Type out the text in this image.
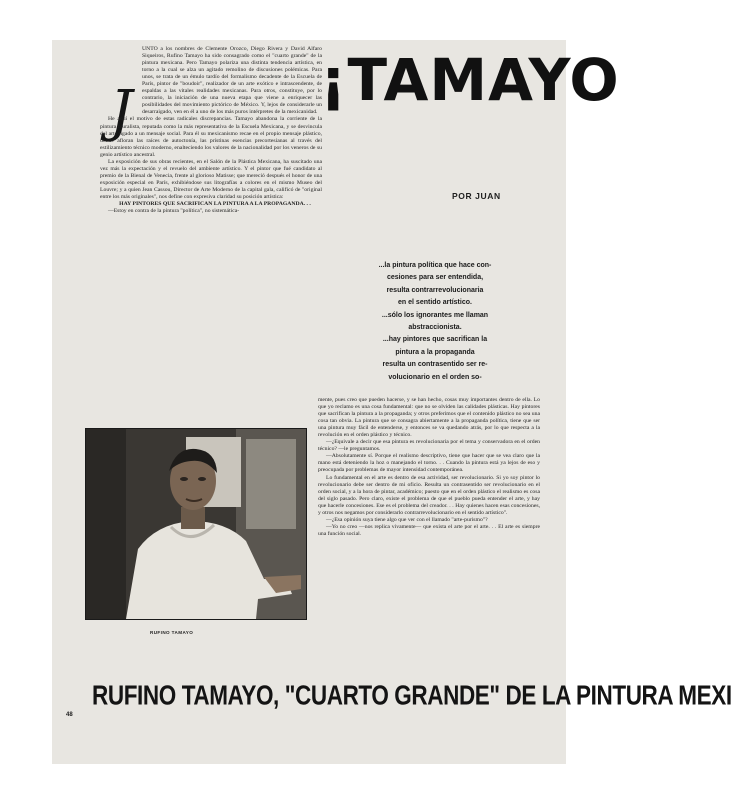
J

UNTO a los nombres de Clemente Orozco, Diego Rivera y David Alfaro Siqueiros, Rufino Tamayo ha sido consagrado como el "cuarto grande" de la pintura mexicana. Pero Tamayo polariza una distinta tendencia artística, en torno a la cual se alza un agitado remolino de discusiones polémicas. Para unos, se trata de un émulo tardío del formalismo decadente de la Escuela de París, pintor de "boudoir", realizador de un arte exótico e intrascendente, de espaldas a las vitales realidades mexicanas. Para otros, constituye, por lo contrario, la iniciación de una nueva etapa que viene a enriquecer las posibilidades del movimiento pictórico de México. Y, lejos de considerarle un desarraigado, ven en él a uno de los más puros intérpretes de la mexicanidad.

He aquí el motivo de estas radicales discrepancias. Tamayo abandona la corriente de la pintura muralista, reputada como la más representativa de la Escuela Mexicana, y se desvincula del arte ligado a un mensaje social. Para él su mexicanismo recae en el propio mensaje plástico, donde afloran las raíces de autoctonía, las prístinas esencias precortesianas al través del estilizamiento técnico moderno, enalteciendo los valores de la nacionalidad por los veneros de su genio artístico ancestral.

La exposición de sus obras recientes, en el Salón de la Plástica Mexicana, ha suscitado una vez más la expectación y el revuelo del ambiente artístico. Y el pintor que fué candidato al premio de la Bienal de Venecia, frente al glorioso Matisse; que mereció después el honor de una exposición especial en París, exhibiéndose sus litografías a colores en el mismo Museo del Louvre; y a quien Jean Cassou, Director de Arte Moderno de la capital gala, calificó de "original entre los más originales", nos define con expresiva claridad su posición artística:

HAY PINTORES QUE SACRIFICAN LA PINTURA A LA PROPAGANDA. . .

—Estoy en contra de la pintura "política", no sistemática-

¡TAMAYO
POR JUAN
...la pintura política que hace con-
cesiones para ser entendida,
resulta contrarrevolucionaria
en el sentido artístico.
...sólo los ignorantes me llaman
abstraccionista.
...hay pintores que sacrifican la
pintura a la propaganda
resulta un contrasentido ser re-
volucionario en el orden so-
RUFINO TAMAYO

mente, pues creo que pueden hacerse, y se han hecho, cosas muy importantes dentro de ella. Lo que yo reclamo es una cosa fundamental: que no se olviden las calidades plásticas. Hay pintores que sacrifican la pintura a la propaganda; y otros preferimos que el contenido plástico no sea una cosa tan obvia. La pintura que se consagra abiertamente a la propaganda política, tiene que ser una pintura muy fácil de entenderse, y entonces se va quedando atrás, por lo que respecta a la revolución en el orden plástico y técnico.

—¿Equivale a decir que esa pintura es revolucionaria por el tema y conservadora en el orden técnico? —le preguntamos.

—Absolutamente sí. Porque el realismo descriptivo, tiene que hacer que se vea claro que la mano está deteniendo la hoz o manejando el torno. . . Cuando la pintura está ya lejos de eso y preocupada por problemas de mayor intensidad contemporánea.

Lo fundamental en el arte es dentro de esa actividad, ser revolucionario. Si yo soy pintor lo revolucionario debe ser dentro de mi oficio. Resulta un contrasentido ser revolucionario en el orden social, y a la hora de pintar, académico; puesto que en el orden plástico el realismo es cosa del siglo pasado. Pero claro, existe el problema de que el pueblo pueda entender el arte, y hay que hacerle concesiones. Ese es el problema del creador. . . Hay quienes hacen esas concesiones, y otros nos negamos por considerarlo contrarrevolucionario en el sentido artístico".

—¿Esa opinión suya tiene algo que ver con el llamado "arte-purismo"?

—Yo no creo —nos replica vivamente— que exista el arte por el arte. . . El arte es siempre una función social.

RUFINO TAMAYO, "CUARTO GRANDE" DE LA PINTURA MEXI
48
